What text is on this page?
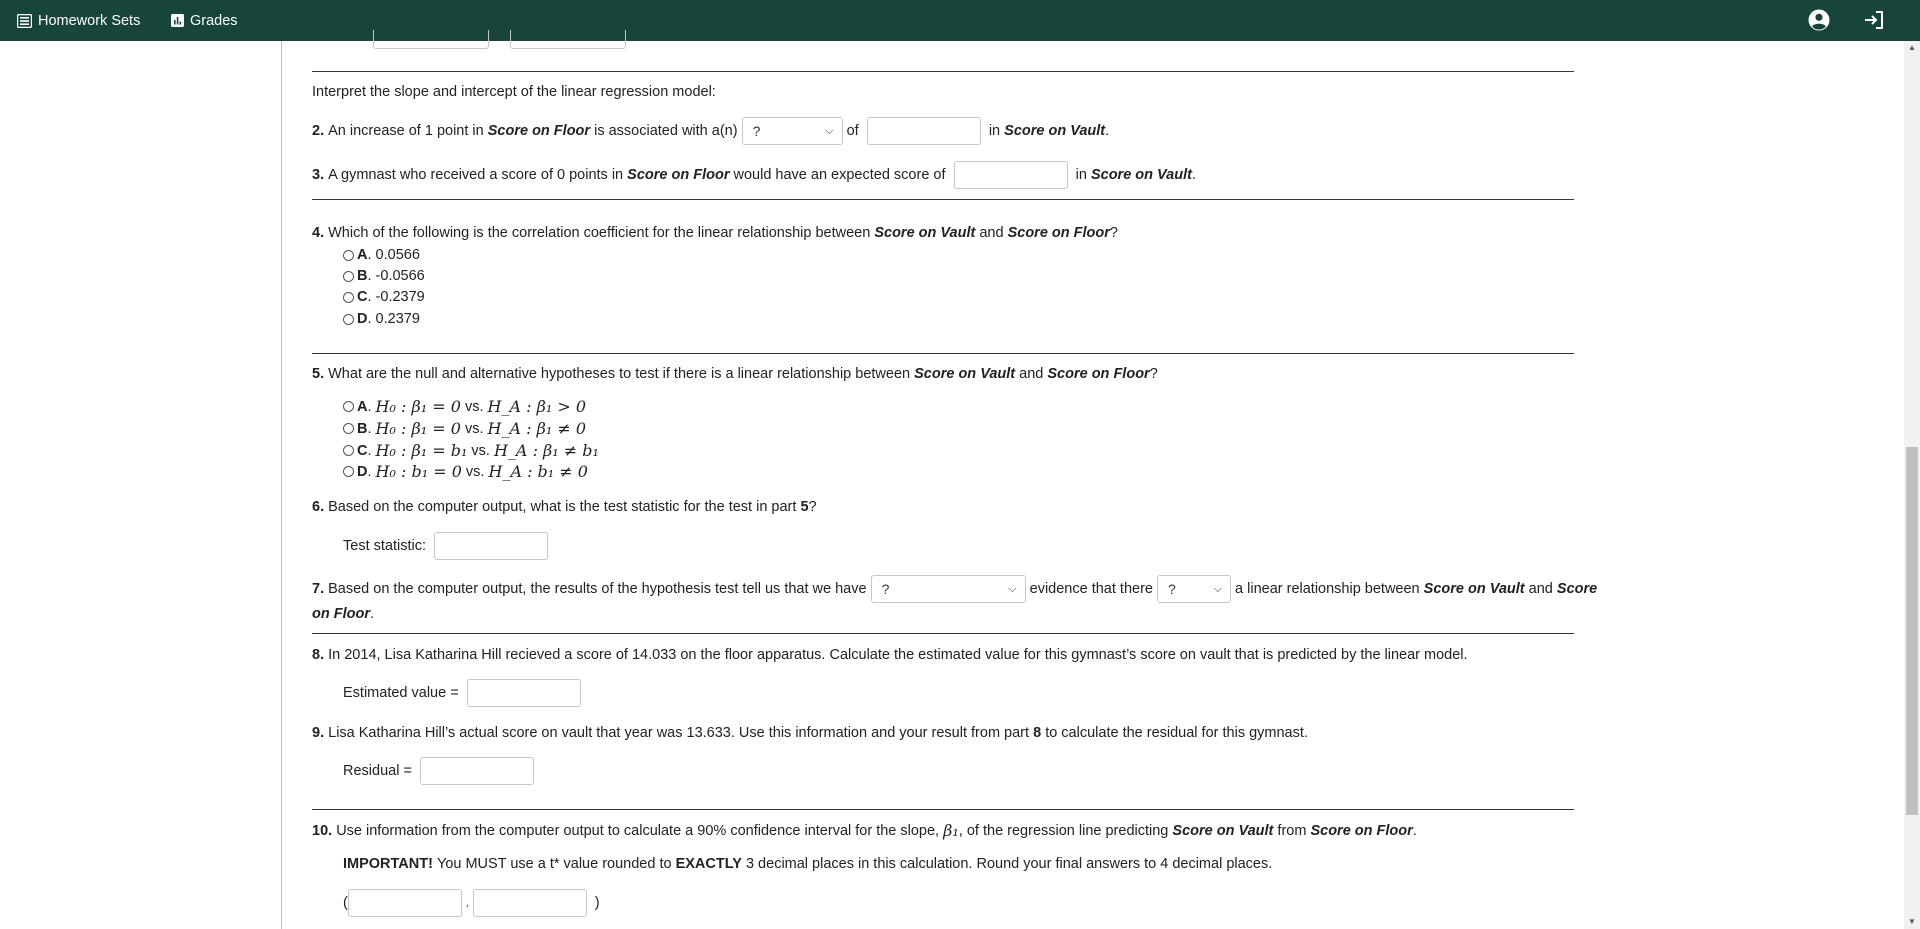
Homework Sets	Grades
Interpret the slope and intercept of the linear regression model:
2.
An increase of 1 point in
Score on Floor
is associated with a(n)
?	⌵
of

	in
Score on Vault .
3.
A gymnast who received a score of 0 points in
Score on Floor
would have an expected score of

	in
Score on Vault .
4.
Which of the following is the correlation coefficient for the linear relationship between
Score on Vault
and
Score on Floor ?
A . 0.0566
B . -0.0566
C . -0.2379
D . 0.2379
5.
What are the null and alternative hypotheses to test if there is a linear relationship between
Score on Vault
and
Score on Floor ?
A . H₀ : β₁ = 0
vs.
H_A : β₁ > 0
B . H₀ : β₁ = 0
vs.
H_A : β₁ ≠ 0
C . H₀ : β₁ = b₁
vs.
H_A : β₁ ≠ b₁
D . H₀ : b₁ = 0
vs.
H_A : b₁ ≠ 0
6.
Based on the computer output, what is the test statistic for the test in part
5 ?
Test statistic:

7.
Based on the computer output, the results of the hypothesis test tell us that we have
?	⌵
evidence that there
?	⌵
a linear relationship between
Score on Vault
and
Score
on Floor .
8.
In 2014, Lisa Katharina Hill recieved a score of 14.033 on the floor apparatus. Calculate the estimated value for this gymnast’s score on vault that is predicted by the linear model.
Estimated value =

9.
Lisa Katharina Hill’s actual score on vault that year was 13.633. Use this information and your result from part
8
to calculate the residual for this gymnast.
Residual =

10.
Use information from the computer output to calculate a 90% confidence interval for the slope,
β₁ , of the regression line predicting
Score on Vault
from
Score on Floor .
IMPORTANT!
You MUST use a t* value rounded to
EXACTLY
3 decimal places in this calculation. Round your final answers to 4 decimal places.
(
	,

	)
▲
▼
